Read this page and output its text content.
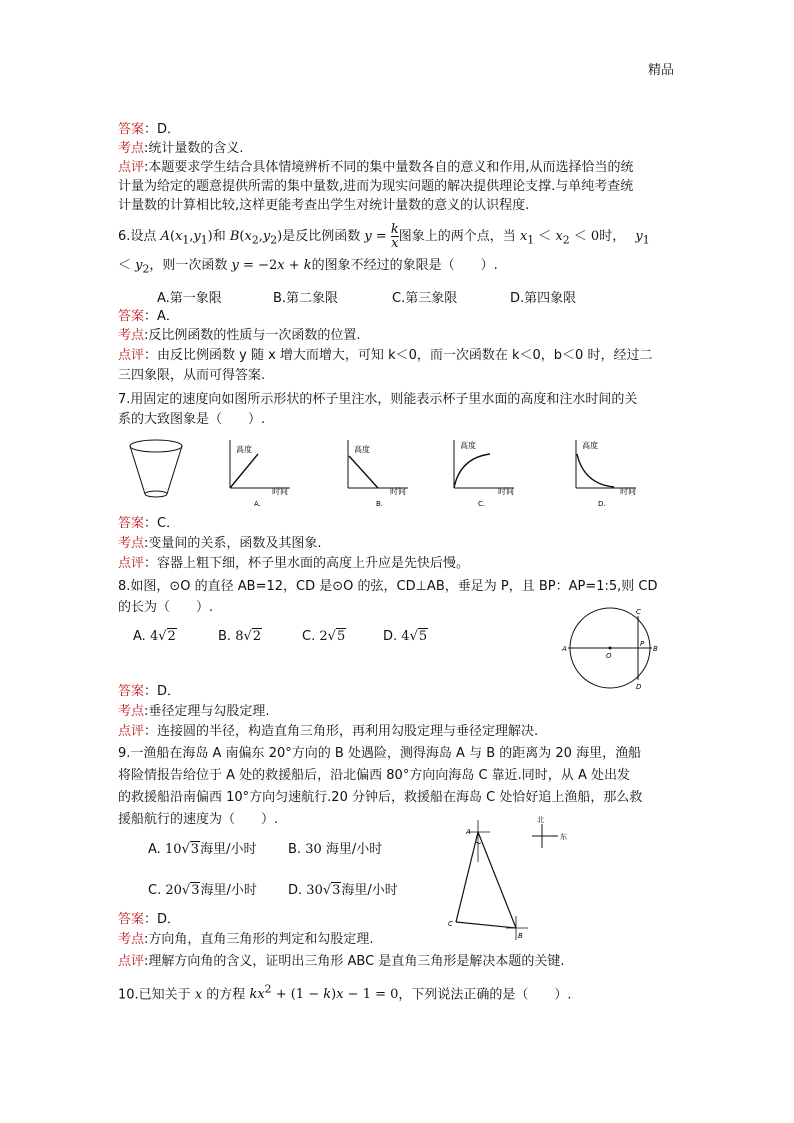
精品
答案：D．
考点:统计量数的含义.
点评:本题要求学生结合具体情境辨析不同的集中量数各自的意义和作用,从而选择恰当的统
计量为给定的题意提供所需的集中量数,进而为现实问题的解决提供理论支撑.与单纯考查统
计量数的计算相比较,这样更能考查出学生对统计量数的意义的认识程度.
6.设点 $A(x_1,y_1)$和 $B(x_2,y_2)$是反比例函数 $y = \frac{k}{x}$ 图象上的两个点，当 $x_1 < x_2 < 0$时， $y_1$
＜ $y_2$，则一次函数 y = −2x + k的图象不经过的象限是（　　）.
A.第一象限	B.第二象限	C.第三象限	D.第四象限
答案：A．
考点:反比例函数的性质与一次函数的位置.
点评：由反比例函数 y 随 x 增大而增大，可知 k＜0，而一次函数在 k＜0，b＜0 时，经过二
三四象限，从而可得答案.
7.用固定的速度向如图所示形状的杯子里注水，则能表示杯子里水面的高度和注水时间的关
系的大致图象是（　　）.
高度
时间
A.
高度
时间
B.
高度
时间
C.
高度
时间
D.
答案：C．
考点:变量间的关系，函数及其图象.
点评：容器上粗下细，杯子里水面的高度上升应是先快后慢。
8.如图，⊙O 的直径 AB=12，CD 是⊙O 的弦，CD⊥AB，垂足为 P，且 BP：AP=1:5,则 CD
的长为（　　）.
A. 4√2	B. 8√2	C. 2√5	D. 4√5
A
O
P
B
C
D
答案：D．
考点:垂径定理与勾股定理.
点评：连接圆的半径，构造直角三角形，再利用勾股定理与垂径定理解决.
9.一渔船在海岛 A 南偏东 20°方向的 B 处遇险，测得海岛 A 与 B 的距离为 20 海里，渔船
将险情报告给位于 A 处的救援船后，沿北偏西 80°方向向海岛 C 靠近.同时，从 A 处出发
的救援船沿南偏西 10°方向匀速航行.20 分钟后，救援船在海岛 C 处恰好追上渔船，那么救
援船航行的速度为（　　）.
A. 10√3海里/小时 B. 30 海里/小时
C. 20√3海里/小时 D. 30√3海里/小时
北
东
A
B
C
答案：D．
考点:方向角，直角三角形的判定和勾股定理.
点评:理解方向角的含义，证明出三角形 ABC 是直角三角形是解决本题的关键.
10.已知关于 x 的方程 $kx^2 + (1 - k)x - 1 = 0$，下列说法正确的是（　　）.
